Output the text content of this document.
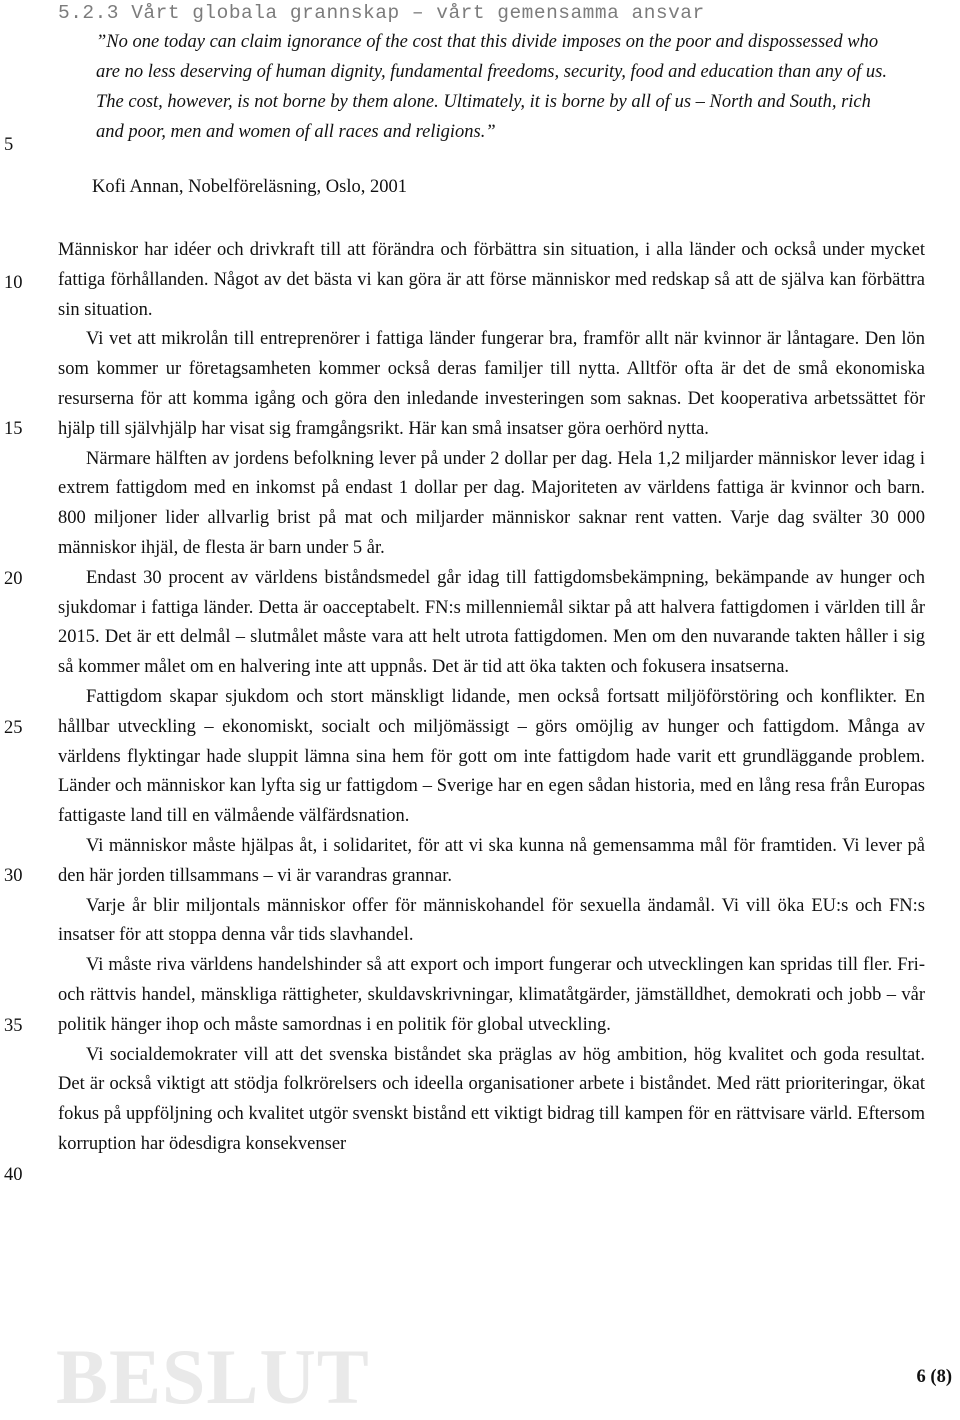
5.2.3 Vårt globala grannskap – vårt gemensamma ansvar

”No one today can claim ignorance of the cost that this divide imposes on the poor and dispossessed who are no less deserving of human dignity, fundamental freedoms, security, food and education than any of us. The cost, however, is not borne by them alone. Ultimately, it is borne by all of us – North and South, rich and poor, men and women of all races and religions.”

Kofi Annan, Nobelföreläsning, Oslo, 2001
5
10
15
20
25
30
35
40

Människor har idéer och drivkraft till att förändra och förbättra sin situation, i alla länder och också under mycket fattiga förhållanden. Något av det bästa vi kan göra är att förse människor med redskap så att de själva kan förbättra sin situation.

Vi vet att mikrolån till entreprenörer i fattiga länder fungerar bra, framför allt när kvinnor är låntagare. Den lön som kommer ur företagsamheten kommer också deras familjer till nytta. Alltför ofta är det de små ekonomiska resurserna för att komma igång och göra den inledande investeringen som saknas. Det kooperativa arbetssättet för hjälp till självhjälp har visat sig framgångsrikt. Här kan små insatser göra oerhörd nytta.

Närmare hälften av jordens befolkning lever på under 2 dollar per dag. Hela 1,2 miljarder människor lever idag i extrem fattigdom med en inkomst på endast 1 dollar per dag. Majoriteten av världens fattiga är kvinnor och barn. 800 miljoner lider allvarlig brist på mat och miljarder människor saknar rent vatten. Varje dag svälter 30 000 människor ihjäl, de flesta är barn under 5 år.

Endast 30 procent av världens biståndsmedel går idag till fattigdomsbekämpning, bekämpande av hunger och sjukdomar i fattiga länder. Detta är oacceptabelt. FN:s millenniemål siktar på att halvera fattigdomen i världen till år 2015. Det är ett delmål – slutmålet måste vara att helt utrota fattigdomen. Men om den nuvarande takten håller i sig så kommer målet om en halvering inte att uppnås. Det är tid att öka takten och fokusera insatserna.

Fattigdom skapar sjukdom och stort mänskligt lidande, men också fortsatt miljöförstöring och konflikter. En hållbar utveckling – ekonomiskt, socialt och miljömässigt – görs omöjlig av hunger och fattigdom. Många av världens flyktingar hade sluppit lämna sina hem för gott om inte fattigdom hade varit ett grundläggande problem. Länder och människor kan lyfta sig ur fattigdom – Sverige har en egen sådan historia, med en lång resa från Europas fattigaste land till en välmående välfärdsnation.

Vi människor måste hjälpas åt, i solidaritet, för att vi ska kunna nå gemensamma mål för framtiden. Vi lever på den här jorden tillsammans – vi är varandras grannar.

Varje år blir miljontals människor offer för människohandel för sexuella ändamål. Vi vill öka EU:s och FN:s insatser för att stoppa denna vår tids slavhandel.

Vi måste riva världens handelshinder så att export och import fungerar och utvecklingen kan spridas till fler. Fri- och rättvis handel, mänskliga rättigheter, skuldavskrivningar, klimatåtgärder, jämställdhet, demokrati och jobb – vår politik hänger ihop och måste samordnas i en politik för global utveckling.

Vi socialdemokrater vill att det svenska biståndet ska präglas av hög ambition, hög kvalitet och goda resultat. Det är också viktigt att stödja folkrörelsers och ideella organisationer arbete i biståndet. Med rätt prioriteringar, ökat fokus på uppföljning och kvalitet utgör svenskt bistånd ett viktigt bidrag till kampen för en rättvisare värld. Eftersom korruption har ödesdigra konsekvenser

BESLUT	6 (8)
